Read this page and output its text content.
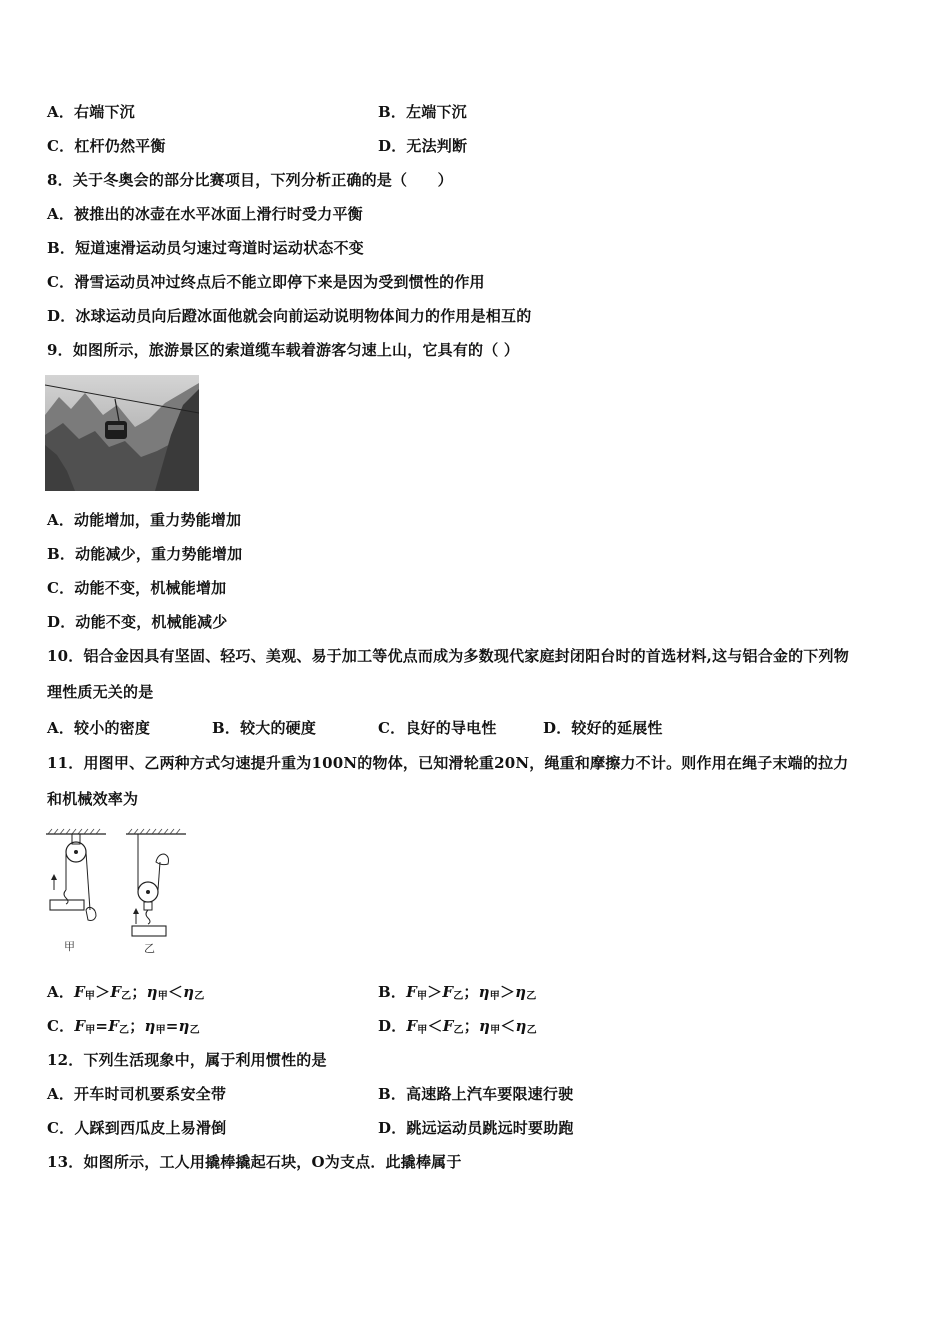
A．右端下沉	B．左端下沉
C．杠杆仍然平衡	D．无法判断
8．关于冬奥会的部分比赛项目，下列分析正确的是（　　）
A．被推出的冰壶在水平冰面上滑行时受力平衡
B．短道速滑运动员匀速过弯道时运动状态不变
C．滑雪运动员冲过终点后不能立即停下来是因为受到惯性的作用
D．冰球运动员向后蹬冰面他就会向前运动说明物体间力的作用是相互的
9．如图所示，旅游景区的索道缆车载着游客匀速上山，它具有的（ ）
A．动能增加，重力势能增加
B．动能减少，重力势能增加
C．动能不变，机械能增加
D．动能不变，机械能减少
10．铝合金因具有坚固、轻巧、美观、易于加工等优点而成为多数现代家庭封闭阳台时的首选材料,这与铝合金的下列物
理性质无关的是
A．较小的密度	B．较大的硬度	C．良好的导电性	D．较好的延展性
11．用图甲、乙两种方式匀速提升重为100N的物体，已知滑轮重20N，绳重和摩擦力不计。则作用在绳子末端的拉力
和机械效率为
甲	乙
A．$F_甲>F_乙$；$\eta_甲<\eta_乙$	B．$F_甲>F_乙$；$\eta_甲>\eta_乙$
C．$F_甲=F_乙$；$\eta_甲=\eta_乙$	D．$F_甲<F_乙$；$\eta_甲<\eta_乙$
12．下列生活现象中，属于利用惯性的是
A．开车时司机要系安全带	B．高速路上汽车要限速行驶
C．人踩到西瓜皮上易滑倒	D．跳远运动员跳远时要助跑
13．如图所示，工人用撬棒撬起石块，O为支点．此撬棒属于
